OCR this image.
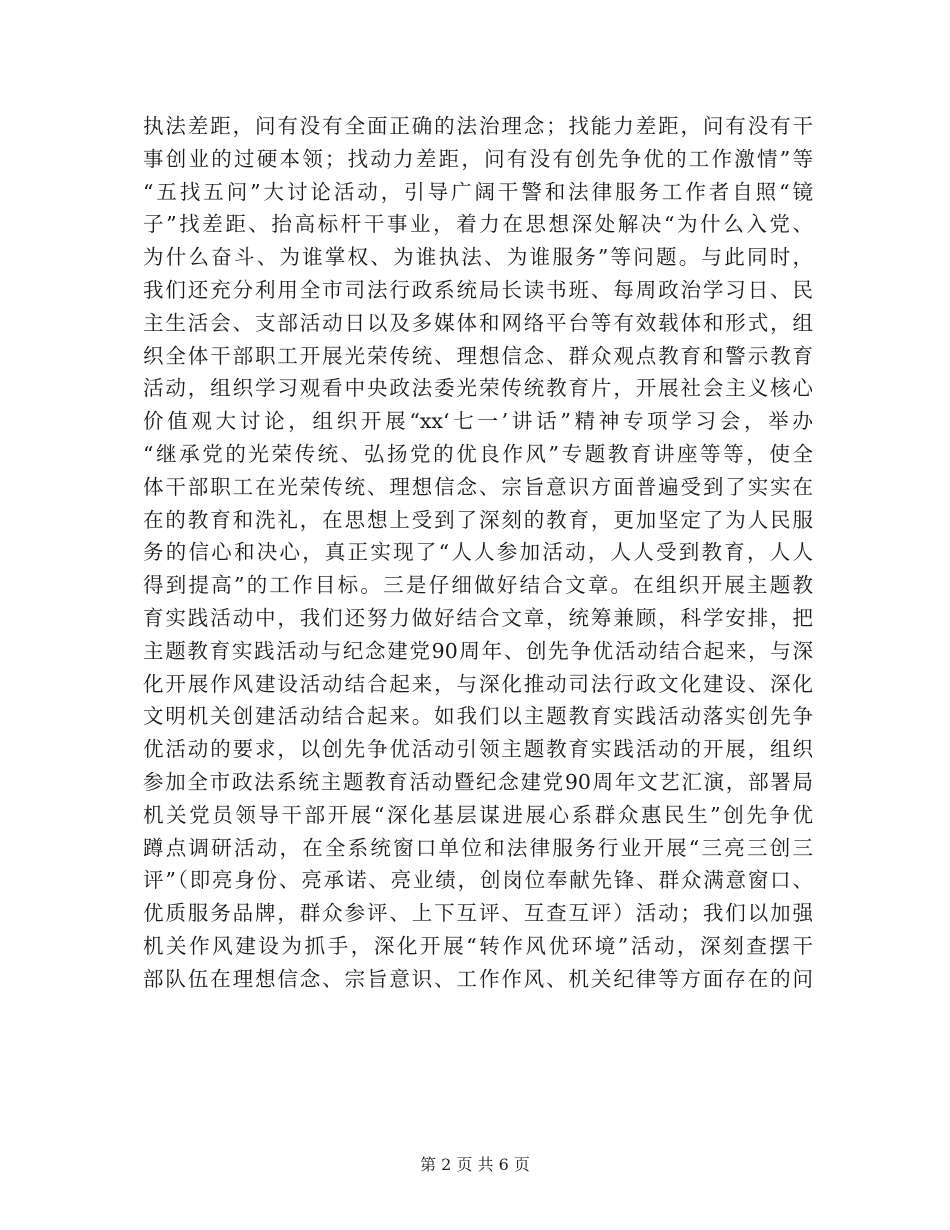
执法差距，问有没有全面正确的法治理念；找能力差距，问有没有干
事创业的过硬本领；找动力差距，问有没有创先争优的工作激情”等
“五找五问”大讨论活动，引导广阔干警和法律服务工作者自照“镜
子”找差距、抬高标杆干事业，着力在思想深处解决“为什么入党、
为什么奋斗、为谁掌权、为谁执法、为谁服务”等问题。与此同时，
我们还充分利用全市司法行政系统局长读书班、每周政治学习日、民
主生活会、支部活动日以及多媒体和网络平台等有效载体和形式，组
织全体干部职工开展光荣传统、理想信念、群众观点教育和警示教育
活动，组织学习观看中央政法委光荣传统教育片，开展社会主义核心
价值观大讨论，组织开展“xx‘七一’讲话”精神专项学习会，举办
“继承党的光荣传统、弘扬党的优良作风”专题教育讲座等等，使全
体干部职工在光荣传统、理想信念、宗旨意识方面普遍受到了实实在
在的教育和洗礼，在思想上受到了深刻的教育，更加坚定了为人民服
务的信心和决心，真正实现了“人人参加活动，人人受到教育，人人
得到提高”的工作目标。三是仔细做好结合文章。在组织开展主题教
育实践活动中，我们还努力做好结合文章，统筹兼顾，科学安排，把
主题教育实践活动与纪念建党90周年、创先争优活动结合起来，与深
化开展作风建设活动结合起来，与深化推动司法行政文化建设、深化
文明机关创建活动结合起来。如我们以主题教育实践活动落实创先争
优活动的要求，以创先争优活动引领主题教育实践活动的开展，组织
参加全市政法系统主题教育活动暨纪念建党90周年文艺汇演，部署局
机关党员领导干部开展“深化基层谋进展心系群众惠民生”创先争优
蹲点调研活动，在全系统窗口单位和法律服务行业开展“三亮三创三
评”（即亮身份、亮承诺、亮业绩，创岗位奉献先锋、群众满意窗口、
优质服务品牌，群众参评、上下互评、互查互评）活动；我们以加强
机关作风建设为抓手，深化开展“转作风优环境”活动，深刻查摆干
部队伍在理想信念、宗旨意识、工作作风、机关纪律等方面存在的问
第 2 页 共 6 页
